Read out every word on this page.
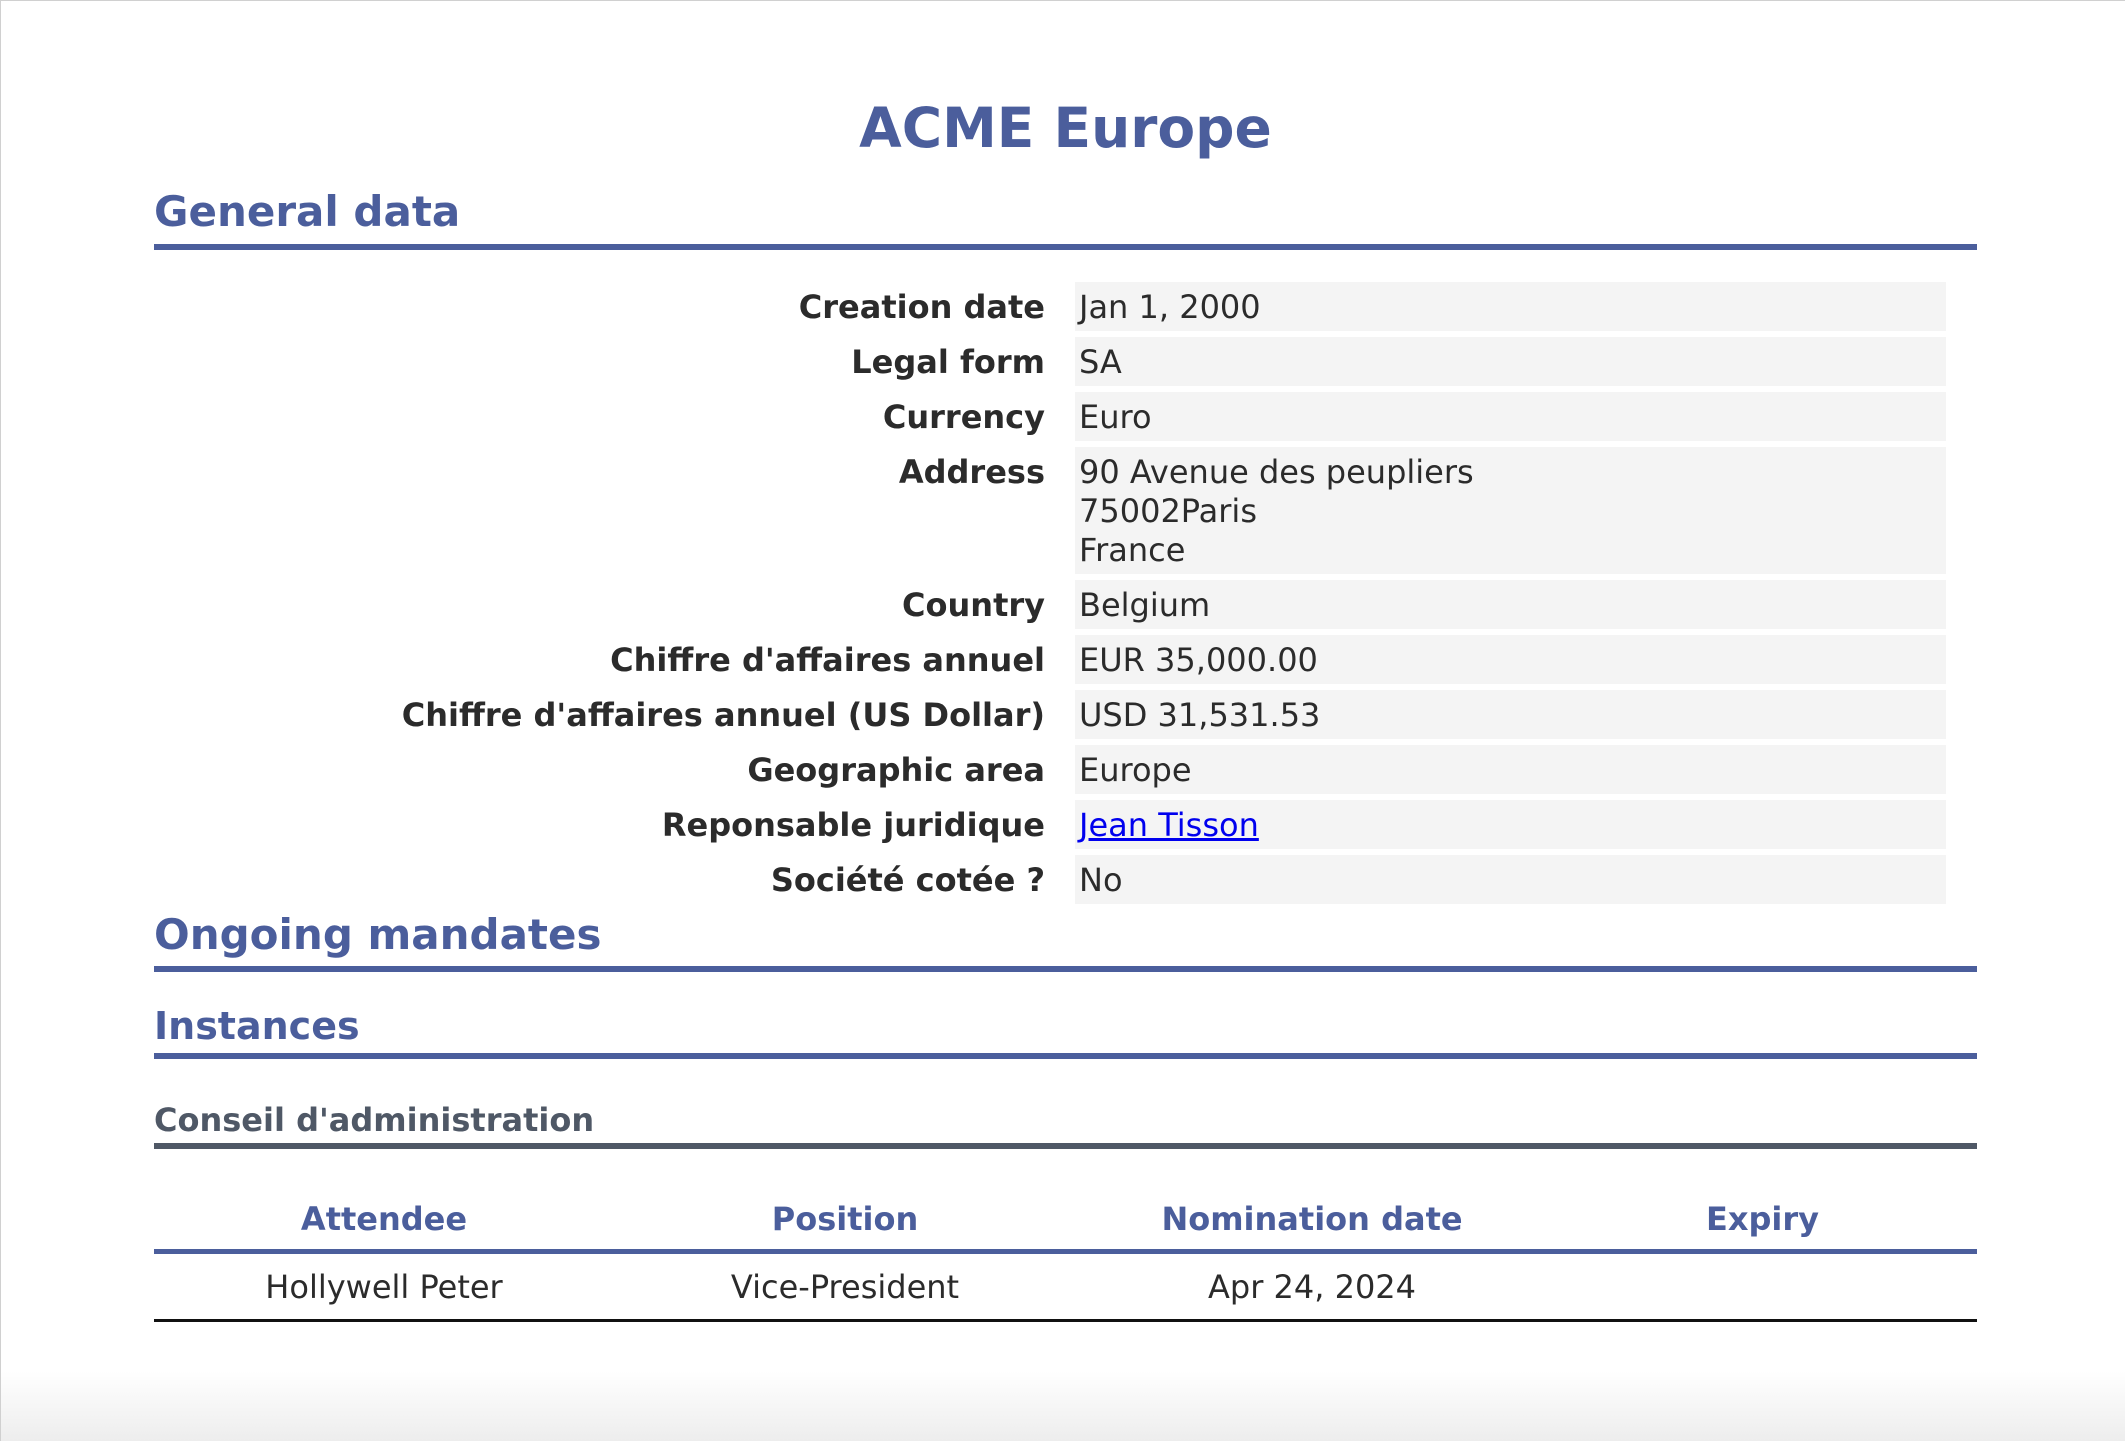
ACME Europe
General data
Creation date	Jan 1, 2000
Legal form	SA
Currency	Euro
Address	90 Avenue des peupliers
75002Paris
France
Country	Belgium
Chiffre d'affaires annuel	EUR 35,000.00
Chiffre d'affaires annuel (US Dollar)	USD 31,531.53
Geographic area	Europe
Reponsable juridique	Jean Tisson
Société cotée ?	No
Ongoing mandates
Instances
Conseil d'administration
Attendee	Position	Nomination date	Expiry
Hollywell Peter	Vice-President	Apr 24, 2024	
